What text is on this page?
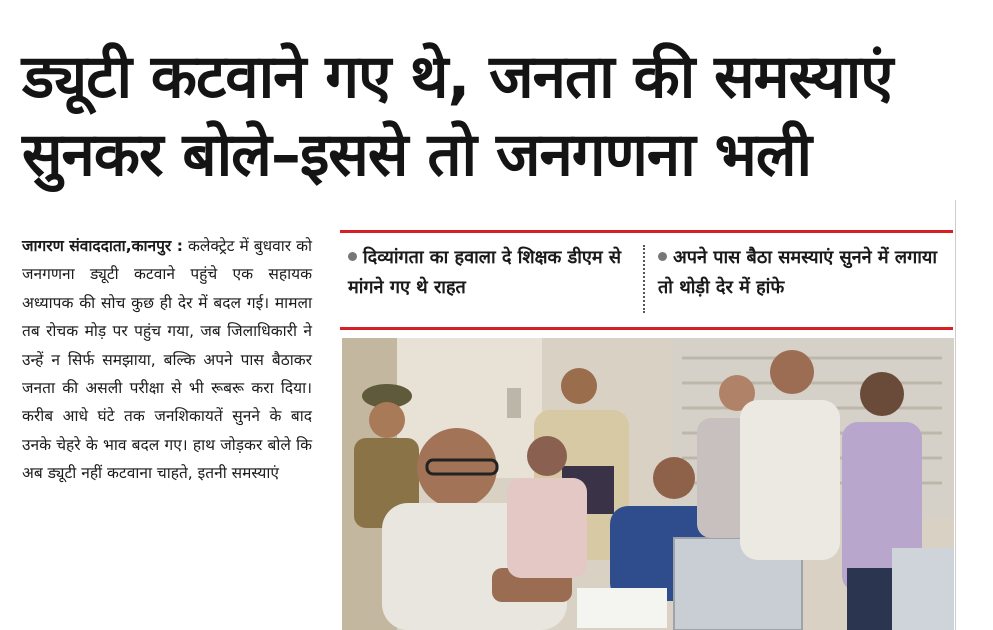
ड्यूटी कटवाने गए थे, जनता की समस्याएं
सुनकर बोले–इससे तो जनगणना भली
जागरण संवाददाता,कानपुर : कलेक्ट्रेट में बुधवार को जनगणना ड्यूटी कटवाने पहुंचे एक सहायक अध्यापक की सोच कुछ ही देर में बदल गई। मामला तब रोचक मोड़ पर पहुंच गया, जब जिलाधिकारी ने उन्हें न सिर्फ समझाया, बल्कि अपने पास बैठाकर जनता की असली परीक्षा से भी रूबरू करा दिया। करीब आधे घंटे तक जनशिकायतें सुनने के बाद उनके चेहरे के भाव बदल गए। हाथ जोड़कर बोले कि अब ड्यूटी नहीं कटवाना चाहते, इतनी समस्याएं
दिव्यांगता का हवाला दे शिक्षक डीएम से मांगने गए थे राहत
अपने पास बैठा समस्याएं सुनने में लगाया तो थोड़ी देर में हांफे
